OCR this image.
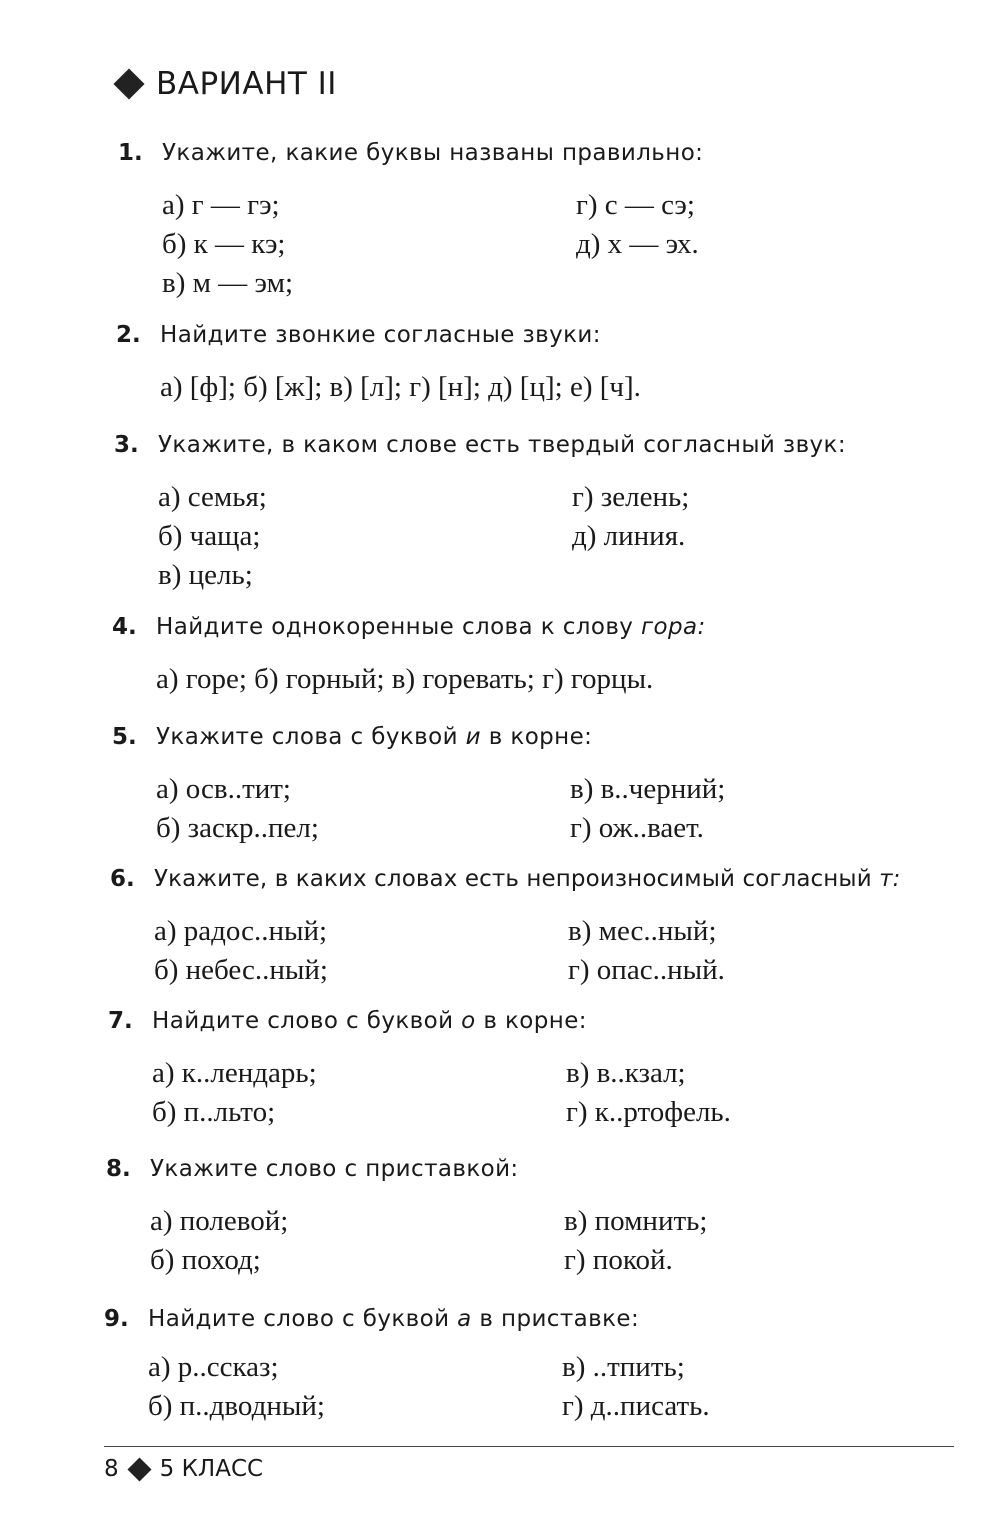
ВАРИАНТ II
1. Укажите, какие буквы названы правильно:
а) г — гэ;
б) к — кэ;
в) м — эм;
г) с — сэ;
д) х — эх.
2. Найдите звонкие согласные звуки:
а) [ф]; б) [ж]; в) [л]; г) [н]; д) [ц]; е) [ч].
3. Укажите, в каком слове есть твердый согласный звук:
а) семья;
б) чаща;
в) цель;
г) зелень;
д) линия.
4. Найдите однокоренные слова к слову гора:
а) горе; б) горный; в) горевать; г) горцы.
5. Укажите слова с буквой и в корне:
а) осв..тит;
б) заскр..пел;
в) в..черний;
г) ож..вает.
6. Укажите, в каких словах есть непроизносимый согласный т:
а) радос..ный;
б) небес..ный;
в) мес..ный;
г) опас..ный.
7. Найдите слово с буквой о в корне:
а) к..лендарь;
б) п..льто;
в) в..кзал;
г) к..ртофель.
8. Укажите слово с приставкой:
а) полевой;
б) поход;
в) помнить;
г) покой.
9. Найдите слово с буквой а в приставке:
а) р..ссказ;
б) п..дводный;
в) ..тпить;
г) д..писать.
8 5 КЛАСС
